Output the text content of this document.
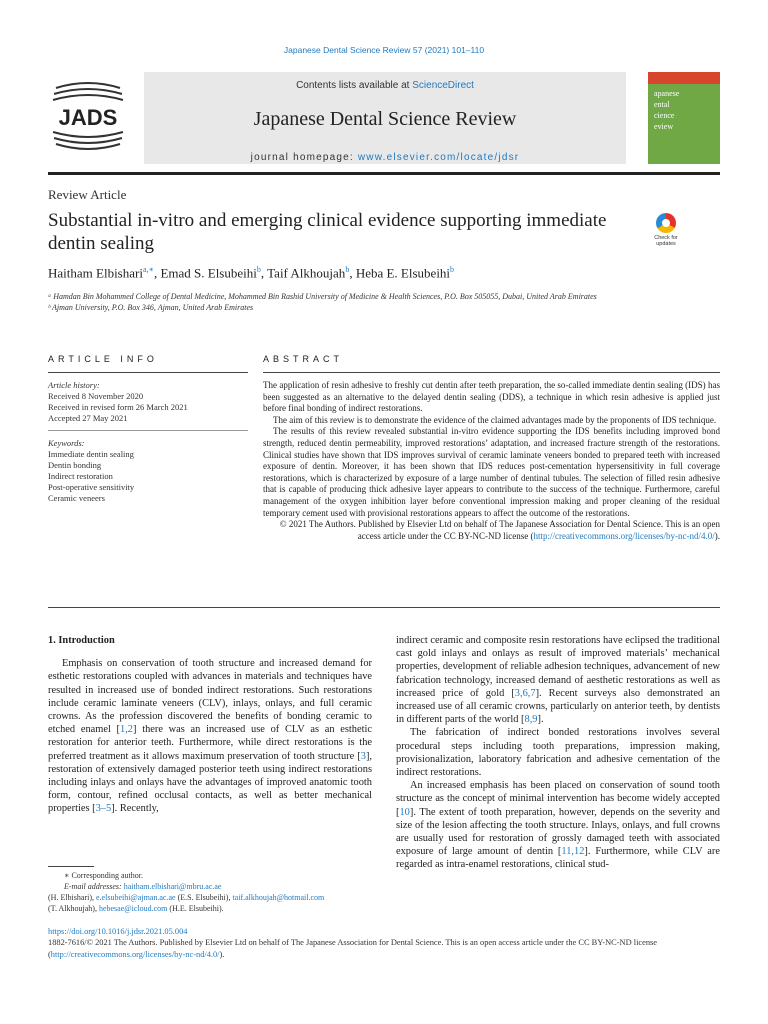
Japanese Dental Science Review 57 (2021) 101–110
JADS
Contents lists available at ScienceDirect
Japanese Dental Science Review
journal homepage: www.elsevier.com/locate/jdsr
apanese
ental
cience
eview
Review Article
Substantial in-vitro and emerging clinical evidence supporting immediate dentin sealing	Check for updates
Haitham Elbishari$^{a,∗}$, Emad S. Elsubeihi$^b$, Taif Alkhoujah$^b$, Heba E. Elsubeihi$^b$
ᵃ Hamdan Bin Mohammed College of Dental Medicine, Mohammed Bin Rashid University of Medicine & Health Sciences, P.O. Box 505055, Dubai, United Arab Emirates
ᵇ Ajman University, P.O. Box 346, Ajman, United Arab Emirates
ARTICLE INFO	ABSTRACT
Article history:
Received 8 November 2020
Received in revised form 26 March 2021
Accepted 27 May 2021
Keywords:
Immediate dentin sealing
Dentin bonding
Indirect restoration
Post-operative sensitivity
Ceramic veneers

The application of resin adhesive to freshly cut dentin after teeth preparation, the so-called immediate dentin sealing (IDS) has been suggested as an alternative to the delayed dentin sealing (DDS), a technique in which resin adhesive is applied just before final bonding of indirect restorations.

The aim of this review is to demonstrate the evidence of the claimed advantages made by the proponents of IDS technique.

The results of this review revealed substantial in-vitro evidence supporting the IDS benefits including improved bond strength, reduced dentin permeability, improved restorations’ adaptation, and increased fracture strength of the restorations. Clinical studies have shown that IDS improves survival of ceramic laminate veneers bonded to prepared teeth with increased exposure of dentin. Moreover, it has been shown that IDS reduces post-cementation hypersensitivity in full coverage restorations, which is characterized by exposure of a large number of dentinal tubules. The selection of filled resin adhesive that is capable of producing thick adhesive layer appears to contribute to the success of the technique. Furthermore, careful management of the oxygen inhibition layer before conventional impression making and proper cleaning of the residual temporary cement used with provisional restorations appears to affect the outcome of the restorations.

© 2021 The Authors. Published by Elsevier Ltd on behalf of The Japanese Association for Dental Science. This is an open access article under the CC BY-NC-ND license (http://creativecommons.org/licenses/by-nc-nd/4.0/).

1. Introduction

Emphasis on conservation of tooth structure and increased demand for esthetic restorations coupled with advances in materials and techniques have resulted in increased use of bonded indirect restorations. Such restorations include ceramic laminate veneers (CLV), inlays, onlays, and full ceramic crowns. As the profession discovered the benefits of bonding ceramic to etched enamel [1,2] there was an increased use of CLV as an esthetic restoration for anterior teeth. Furthermore, while direct restorations is the preferred treatment as it allows maximum preservation of tooth structure [3], restoration of extensively damaged posterior teeth using indirect restorations including inlays and onlays have the advantages of improved anatomic tooth form, contour, refined occlusal contacts, as well as better mechanical properties [3–5]. Recently,

indirect ceramic and composite resin restorations have eclipsed the traditional cast gold inlays and onlays as result of improved materials’ mechanical properties, development of reliable adhesion techniques, advancement of new fabrication technology, increased demand of aesthetic restorations as well as increased price of gold [3,6,7]. Recent surveys also demonstrated an increased use of all ceramic crowns, particularly on anterior teeth, by dentists in different parts of the world [8,9].

The fabrication of indirect bonded restorations involves several procedural steps including tooth preparations, impression making, provisionalization, laboratory fabrication and adhesive cementation of the indirect restorations.

An increased emphasis has been placed on conservation of sound tooth structure as the concept of minimal intervention has become widely accepted [10]. The extent of tooth preparation, however, depends on the severity and size of the lesion affecting the tooth structure. Inlays, onlays, and full crowns are usually used for restoration of grossly damaged teeth with associated exposure of large amount of dentin [11,12]. Furthermore, while CLV are regarded as intra-enamel restorations, clinical stud-

∗ Corresponding author.
E-mail addresses: haitham.elbishari@mbru.ac.ae
(H. Elbishari), e.elsubeihi@ajman.ac.ae (E.S. Elsubeihi), taif.alkhoujah@hotmail.com
(T. Alkhoujah), hebesae@icloud.com (H.E. Elsubeihi).
https://doi.org/10.1016/j.jdsr.2021.05.004
1882-7616/© 2021 The Authors. Published by Elsevier Ltd on behalf of The Japanese Association for Dental Science. This is an open access article under the CC BY-NC-ND license (http://creativecommons.org/licenses/by-nc-nd/4.0/).
